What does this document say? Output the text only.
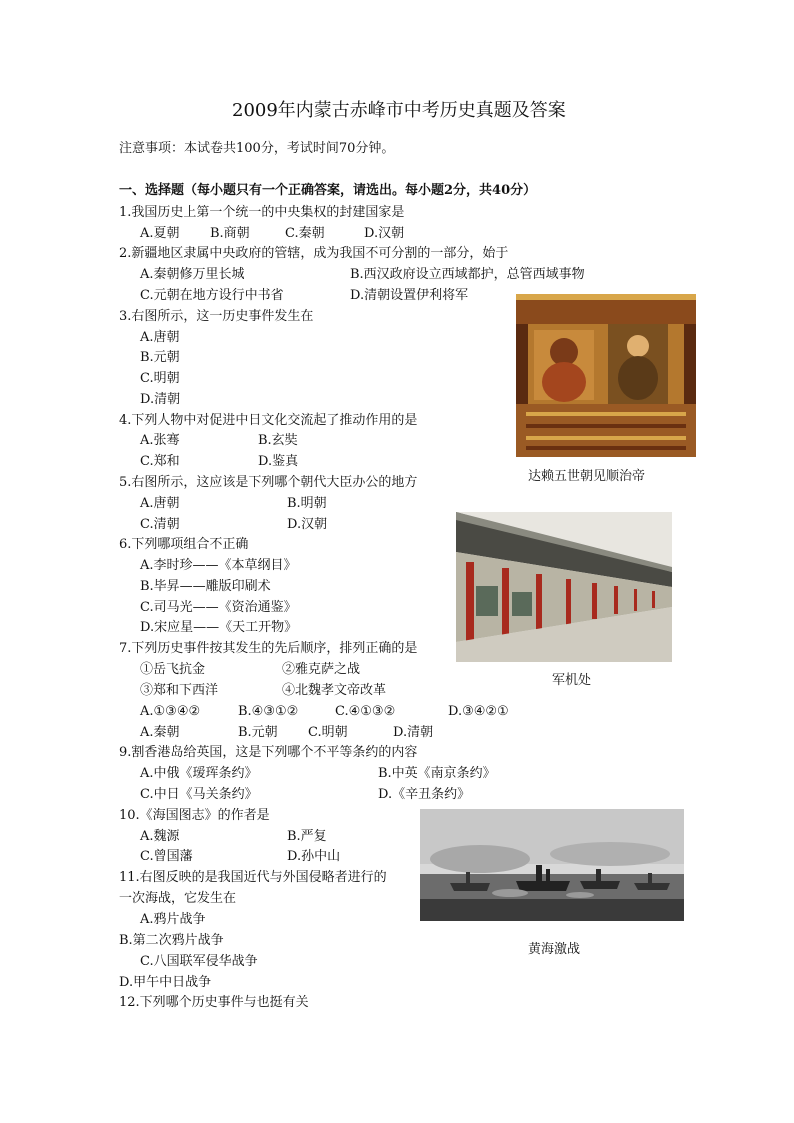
2009年内蒙古赤峰市中考历史真题及答案
注意事项：本试卷共100分，考试时间70分钟。
一、选择题（每小题只有一个正确答案，请选出。每小题2分，共40分）
1.我国历史上第一个统一的中央集权的封建国家是
A.夏朝 B.商朝	C.秦朝	D.汉朝
2.新疆地区隶属中央政府的管辖，成为我国不可分割的一部分，始于
A.秦朝修万里长城	B.西汉政府设立西域都护，总管西域事物
C.元朝在地方设行中书省	D.清朝设置伊利将军
3.右图所示，这一历史事件发生在
A.唐朝
B.元朝
C.明朝
D.清朝
4.下列人物中对促进中日文化交流起了推动作用的是
A.张骞	B.玄奘
C.郑和	D.鉴真
5.右图所示，这应该是下列哪个朝代大臣办公的地方
A.唐朝	B.明朝
C.清朝	D.汉朝
6.下列哪项组合不正确
A.李时珍——《本草纲目》
B.毕昇——雕版印刷术
C.司马光——《资治通鉴》
D.宋应星——《天工开物》
7.下列历史事件按其发生的先后顺序，排列正确的是
①岳飞抗金	②雅克萨之战
③郑和下西洋	④北魏孝文帝改革
A.①③④②	B.④③①②	C.④①③②	D.③④②①
A.秦朝	B.元朝 C.明朝	D.清朝
9.割香港岛给英国，这是下列哪个不平等条约的内容
A.中俄《瑷珲条约》	B.中英《南京条约》
C.中日《马关条约》	D.《辛丑条约》
10.《海国图志》的作者是
A.魏源	B.严复
C.曾国藩	D.孙中山
11.右图反映的是我国近代与外国侵略者进行的
一次海战，它发生在
A.鸦片战争
B.第二次鸦片战争
C.八国联军侵华战争
D.甲午中日战争
12.下列哪个历史事件与也挺有关
达赖五世朝见顺治帝
军机处
黄海激战
